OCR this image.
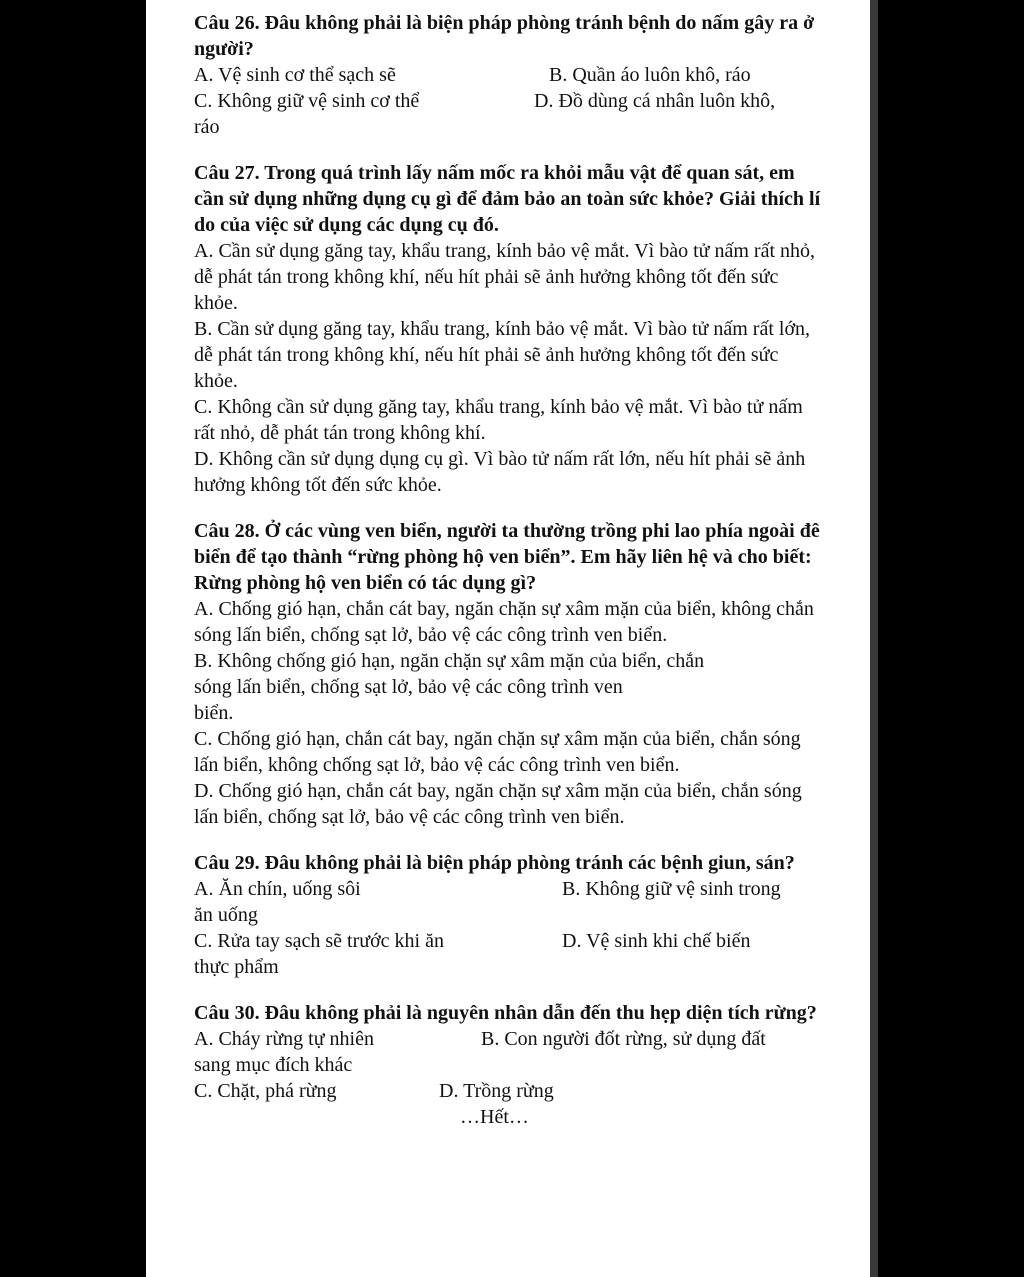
Câu 26. Đâu không phải là biện pháp phòng tránh bệnh do nấm gây ra ở người?
A. Vệ sinh cơ thể sạch sẽ	B. Quần áo luôn khô, ráo
C. Không giữ vệ sinh cơ thể	D. Đồ dùng cá nhân luôn khô,
ráo
Câu 27. Trong quá trình lấy nấm mốc ra khỏi mẫu vật để quan sát, em cần sử dụng những dụng cụ gì để đảm bảo an toàn sức khỏe? Giải thích lí do của việc sử dụng các dụng cụ đó.
A. Cần sử dụng găng tay, khẩu trang, kính bảo vệ mắt. Vì bào tử nấm rất nhỏ, dễ phát tán trong không khí, nếu hít phải sẽ ảnh hưởng không tốt đến sức khỏe.
B. Cần sử dụng găng tay, khẩu trang, kính bảo vệ mắt. Vì bào tử nấm rất lớn, dễ phát tán trong không khí, nếu hít phải sẽ ảnh hưởng không tốt đến sức khỏe.
C. Không cần sử dụng găng tay, khẩu trang, kính bảo vệ mắt. Vì bào tử nấm rất nhỏ, dễ phát tán trong không khí.
D. Không cần sử dụng dụng cụ gì. Vì bào tử nấm rất lớn, nếu hít phải sẽ ảnh hưởng không tốt đến sức khỏe.
Câu 28. Ở các vùng ven biển, người ta thường trồng phi lao phía ngoài đê biển để tạo thành “rừng phòng hộ ven biển”. Em hãy liên hệ và cho biết: Rừng phòng hộ ven biển có tác dụng gì?
A. Chống gió hạn, chắn cát bay, ngăn chặn sự xâm mặn của biển, không chắn sóng lấn biển, chống sạt lở, bảo vệ các công trình ven biển.
B. Không chống gió hạn, ngăn chặn sự xâm mặn của biển, chắn
sóng lấn biển, chống sạt lở, bảo vệ các công trình ven
biển.
C. Chống gió hạn, chắn cát bay, ngăn chặn sự xâm mặn của biển, chắn sóng lấn biển, không chống sạt lở, bảo vệ các công trình ven biển.
D. Chống gió hạn, chắn cát bay, ngăn chặn sự xâm mặn của biển, chắn sóng lấn biển, chống sạt lở, bảo vệ các công trình ven biển.
Câu 29. Đâu không phải là biện pháp phòng tránh các bệnh giun, sán?
A. Ăn chín, uống sôi	B. Không giữ vệ sinh trong
ăn uống
C. Rửa tay sạch sẽ trước khi ăn	D. Vệ sinh khi chế biến
thực phẩm
Câu 30. Đâu không phải là nguyên nhân dẫn đến thu hẹp diện tích rừng?
A. Cháy rừng tự nhiên	B. Con người đốt rừng, sử dụng đất
sang mục đích khác
C. Chặt, phá rừng	D. Trồng rừng
…Hết…
